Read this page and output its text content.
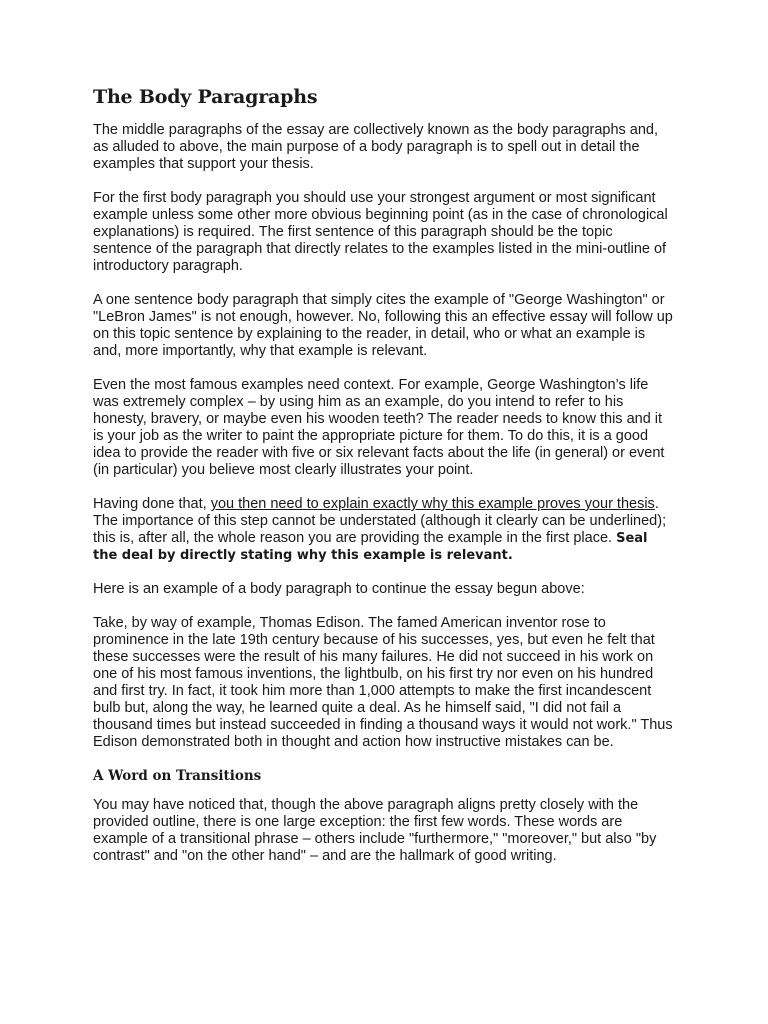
The Body Paragraphs

The middle paragraphs of the essay are collectively known as the body paragraphs and, as alluded to above, the main purpose of a body paragraph is to spell out in detail the examples that support your thesis.

For the first body paragraph you should use your strongest argument or most significant example unless some other more obvious beginning point (as in the case of chronological explanations) is required. The first sentence of this paragraph should be the topic sentence of the paragraph that directly relates to the examples listed in the mini-outline of introductory paragraph.

A one sentence body paragraph that simply cites the example of "George Washington" or "LeBron James" is not enough, however. No, following this an effective essay will follow up on this topic sentence by explaining to the reader, in detail, who or what an example is and, more importantly, why that example is relevant.

Even the most famous examples need context. For example, George Washington’s life was extremely complex – by using him as an example, do you intend to refer to his honesty, bravery, or maybe even his wooden teeth? The reader needs to know this and it is your job as the writer to paint the appropriate picture for them. To do this, it is a good idea to provide the reader with five or six relevant facts about the life (in general) or event (in particular) you believe most clearly illustrates your point.

Having done that, you then need to explain exactly why this example proves your thesis. The importance of this step cannot be understated (although it clearly can be underlined); this is, after all, the whole reason you are providing the example in the first place. Seal the deal by directly stating why this example is relevant.

Here is an example of a body paragraph to continue the essay begun above:

Take, by way of example, Thomas Edison. The famed American inventor rose to prominence in the late 19th century because of his successes, yes, but even he felt that these successes were the result of his many failures. He did not succeed in his work on one of his most famous inventions, the lightbulb, on his first try nor even on his hundred and first try. In fact, it took him more than 1,000 attempts to make the first incandescent bulb but, along the way, he learned quite a deal. As he himself said, "I did not fail a thousand times but instead succeeded in finding a thousand ways it would not work." Thus Edison demonstrated both in thought and action how instructive mistakes can be.

A Word on Transitions

You may have noticed that, though the above paragraph aligns pretty closely with the provided outline, there is one large exception: the first few words. These words are example of a transitional phrase – others include "furthermore," "moreover," but also "by contrast" and "on the other hand" – and are the hallmark of good writing.
